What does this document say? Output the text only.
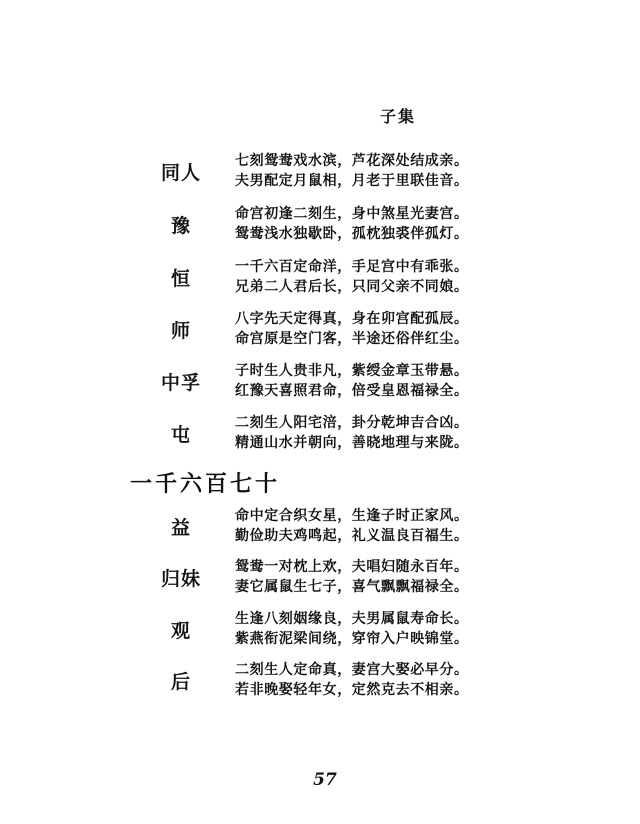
子集
同人
七刻鸳鸯戏水滨，芦花深处结成亲。
夫男配定月鼠相，月老于里联佳音。
豫
命宫初逢二刻生，身中煞星光妻宫。
鸳鸯浅水独歇卧，孤枕独裘伴孤灯。
恒
一千六百定命洋，手足宫中有乖张。
兄弟二人君后长，只同父亲不同娘。
师
八字先天定得真，身在卯宫配孤辰。
命宫原是空门客，半途还俗伴红尘。
中孚
子时生人贵非凡，紫绶金章玉带悬。
红豫天喜照君命，倍受皇恩福禄全。
屯
二刻生人阳宅涪，卦分乾坤吉合凶。
精通山水并朝向，善晓地理与来陇。
一千六百七十
益
命中定合织女星，生逢子时正家风。
勤俭助夫鸡鸣起，礼义温良百福生。
归妹
鸳鸯一对枕上欢，夫唱妇随永百年。
妻它属鼠生七子，喜气飘飘福禄全。
观
生逢八刻姻缘良，夫男属鼠寿命长。
紫燕衔泥梁间绕，穿帘入户映锦堂。
后
二刻生人定命真，妻宫大娶必早分。
若非晚娶轻年女，定然克去不相亲。
57
